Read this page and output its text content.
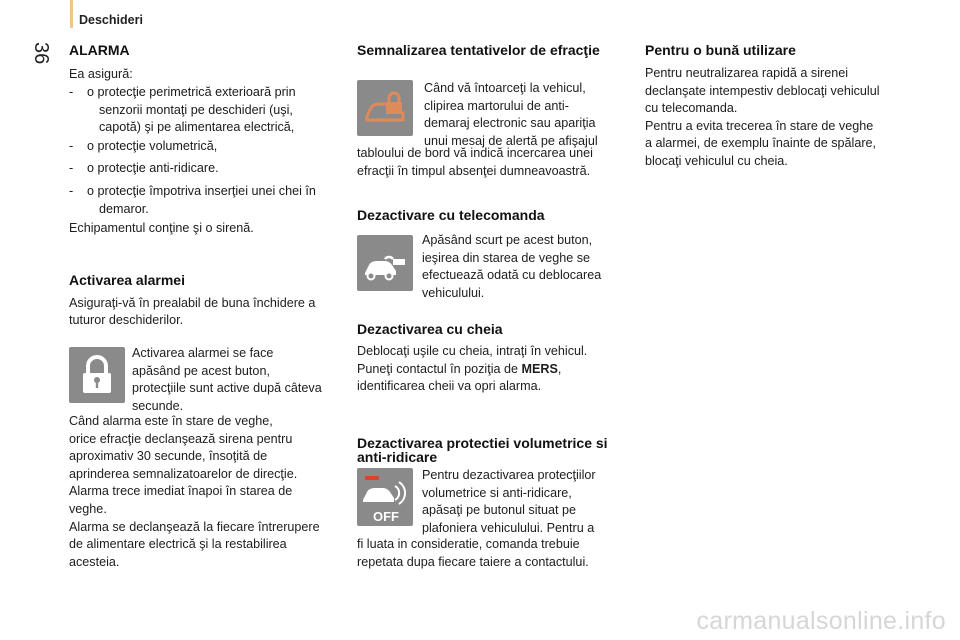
Deschideri
36 ALARMA

Ea asigură:

- o protecţie perimetrică exterioară prin
senzorii montaţi pe deschideri (uşi,
capotă) şi pe alimentarea electrică,
- o protecţie volumetrică,
- o protecţie anti-ridicare.
- o protecţie împotriva inserţiei unei chei în
demaror.

Echipamentul conţine şi o sirenă.

Activarea alarmei

Asiguraţi-vă în prealabil de buna închidere a

tuturor deschiderilor.

Activarea alarmei se face

apăsând pe acest buton,

protecţiile sunt active după câteva

secunde.

Când alarma este în stare de veghe,

orice efracţie declanşează sirena pentru

aproximativ 30 secunde, însoţită de

aprinderea semnalizatoarelor de direcţie.

Alarma trece imediat înapoi în starea de

veghe.

Alarma se declanşează la fiecare întrerupere

de alimentare electrică şi la restabilirea

acesteia.

Semnalizarea tentativelor de efracţie

Când vă întoarceţi la vehicul,

clipirea martorului de anti-

demaraj electronic sau apariţia

unui mesaj de alertă pe afişajul

tabloului de bord vă indică incercarea unei

efracţii în timpul absenţei dumneavoastră.

Dezactivare cu telecomanda

Apăsând scurt pe acest buton,

ieşirea din starea de veghe se

efectuează odată cu deblocarea

vehiculului.

Dezactivarea cu cheia

Deblocaţi uşile cu cheia, intraţi în vehicul.

Puneţi contactul în poziţia de MERS,

identificarea cheii va opri alarma.

Dezactivarea protectiei volumetrice si
anti-ridicare
OFF

Pentru dezactivarea protecţiilor

volumetrice si anti-ridicare,

apăsaţi pe butonul situat pe

plafoniera vehiculului. Pentru a

fi luata in consideratie, comanda trebuie

repetata dupa fiecare taiere a contactului.

Pentru o bună utilizare

Pentru neutralizarea rapidă a sirenei

declanşate intempestiv deblocaţi vehiculul

cu telecomanda.

Pentru a evita trecerea în stare de veghe

a alarmei, de exemplu înainte de spălare,

blocaţi vehiculul cu cheia.

carmanualsonline.info
